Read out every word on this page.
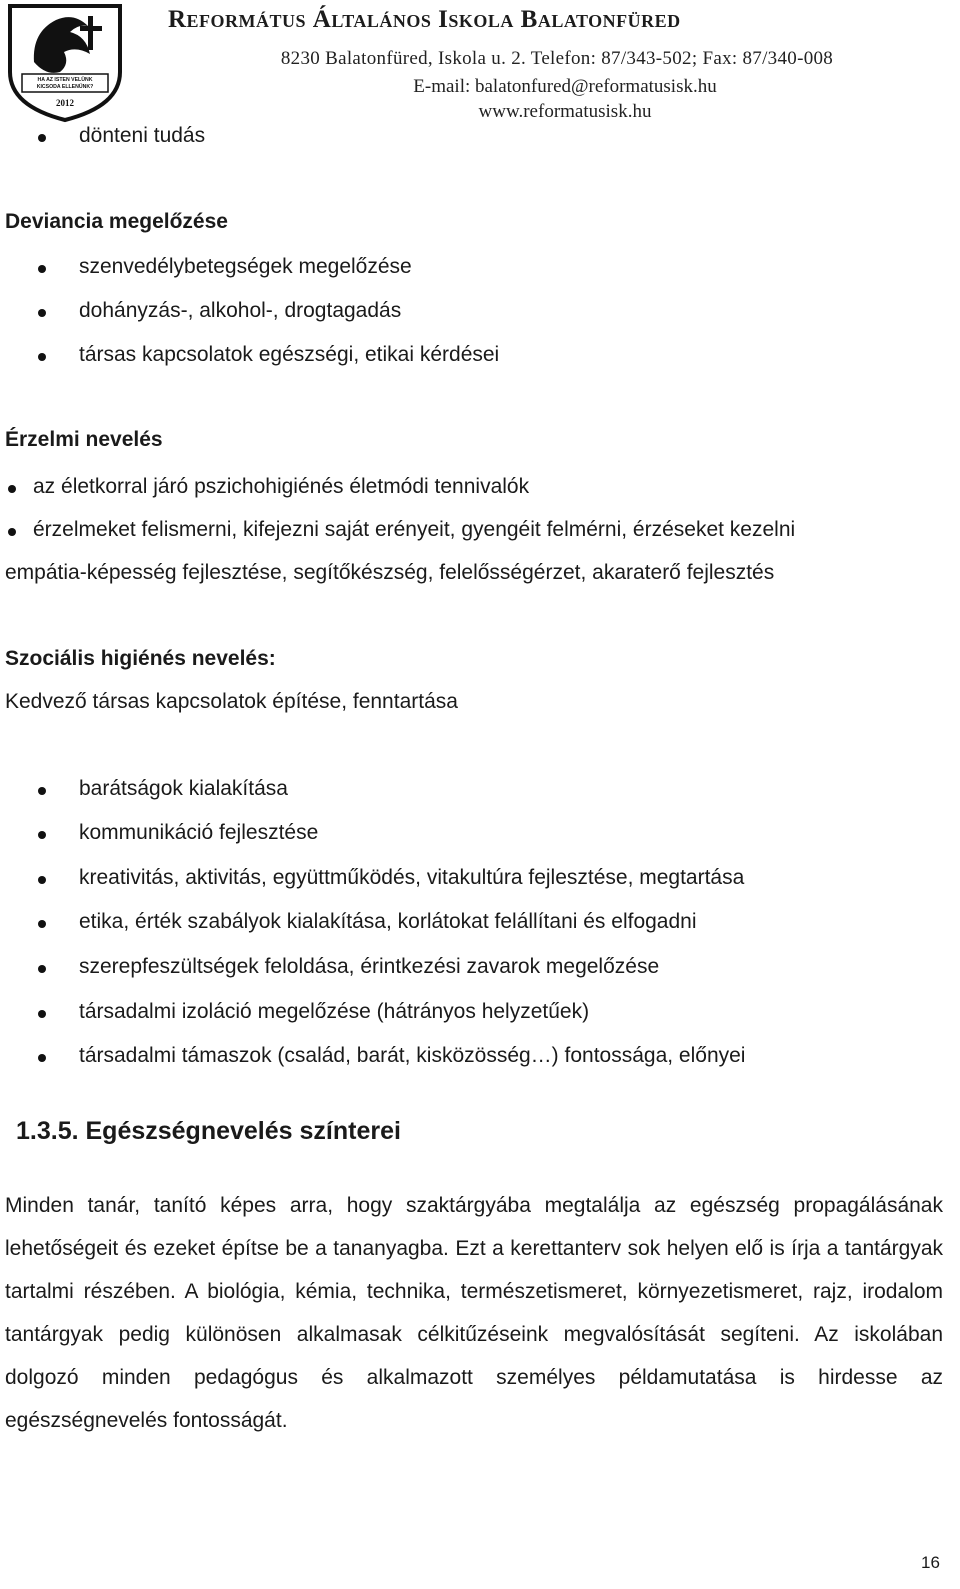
HA AZ ISTEN VELÜNK
KICSODA ELLENÜNK?
2012
Református Általános Iskola Balatonfüred
8230 Balatonfüred, Iskola u. 2. Telefon: 87/343-502; Fax: 87/340-008
E-mail: balatonfured@reformatusisk.hu
www.reformatusisk.hu
dönteni tudás
Deviancia megelőzése
szenvedélybetegségek megelőzése
dohányzás-, alkohol-, drogtagadás
társas kapcsolatok egészségi, etikai kérdései
Érzelmi nevelés
az életkorral járó pszichohigiénés életmódi tennivalók
érzelmeket felismerni, kifejezni saját erényeit, gyengéit felmérni, érzéseket kezelni
empátia-képesség fejlesztése, segítőkészség, felelősségérzet, akaraterő fejlesztés
Szociális higiénés nevelés:
Kedvező társas kapcsolatok építése, fenntartása
barátságok kialakítása
kommunikáció fejlesztése
kreativitás, aktivitás, együttműködés, vitakultúra fejlesztése, megtartása
etika, érték szabályok kialakítása, korlátokat felállítani és elfogadni
szerepfeszültségek feloldása, érintkezési zavarok megelőzése
társadalmi izoláció megelőzése (hátrányos helyzetűek)
társadalmi támaszok (család, barát, kisközösség…) fontossága, előnyei
1.3.5. Egészségnevelés színterei
Minden tanár, tanító képes arra, hogy szaktárgyába megtalálja az egészség propagálásának lehetőségeit és ezeket építse be a tananyagba. Ezt a kerettanterv sok helyen elő is írja a tantárgyak tartalmi részében. A biológia, kémia, technika, természetismeret, környezetismeret, rajz, irodalom tantárgyak pedig különösen alkalmasak célkitűzéseink megvalósítását segíteni. Az iskolában dolgozó minden pedagógus és alkalmazott személyes példamutatása is hirdesse az egészségnevelés fontosságát.
16
